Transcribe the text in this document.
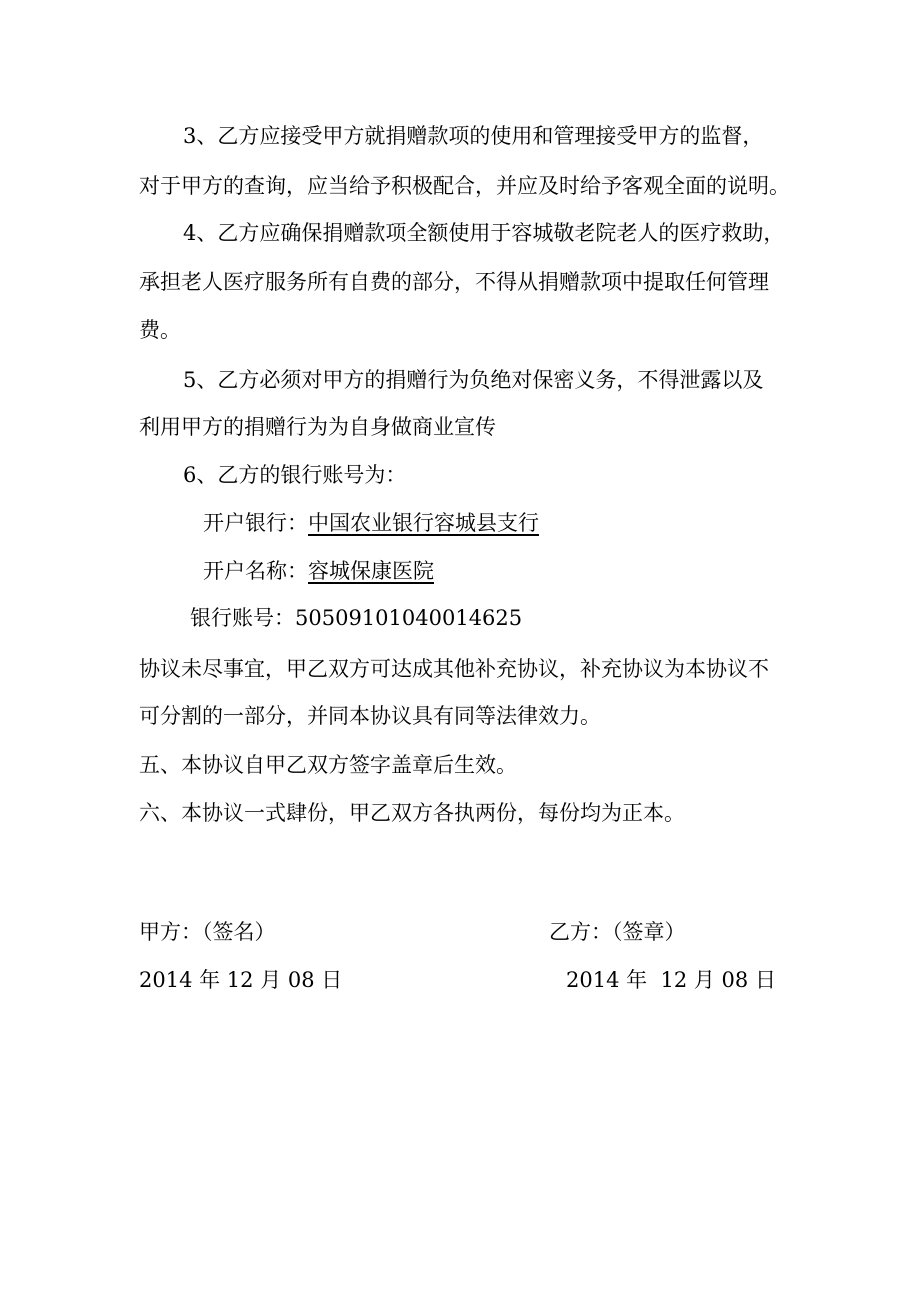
3、乙方应接受甲方就捐赠款项的使用和管理接受甲方的监督，
对于甲方的查询，应当给予积极配合，并应及时给予客观全面的说明。
4、乙方应确保捐赠款项全额使用于容城敬老院老人的医疗救助，
承担老人医疗服务所有自费的部分，不得从捐赠款项中提取任何管理
费。
5、乙方必须对甲方的捐赠行为负绝对保密义务，不得泄露以及
利用甲方的捐赠行为为自身做商业宣传
6、乙方的银行账号为：
开户银行：中国农业银行容城县支行
开户名称：容城保康医院
银行账号：50509101040014625
协议未尽事宜，甲乙双方可达成其他补充协议，补充协议为本协议不
可分割的一部分，并同本协议具有同等法律效力。
五、本协议自甲乙双方签字盖章后生效。
六、本协议一式肆份，甲乙双方各执两份，每份均为正本。
甲方：（签名）	乙方：（签章）
2014 年 12 月 08 日	2014 年  12 月 08 日
